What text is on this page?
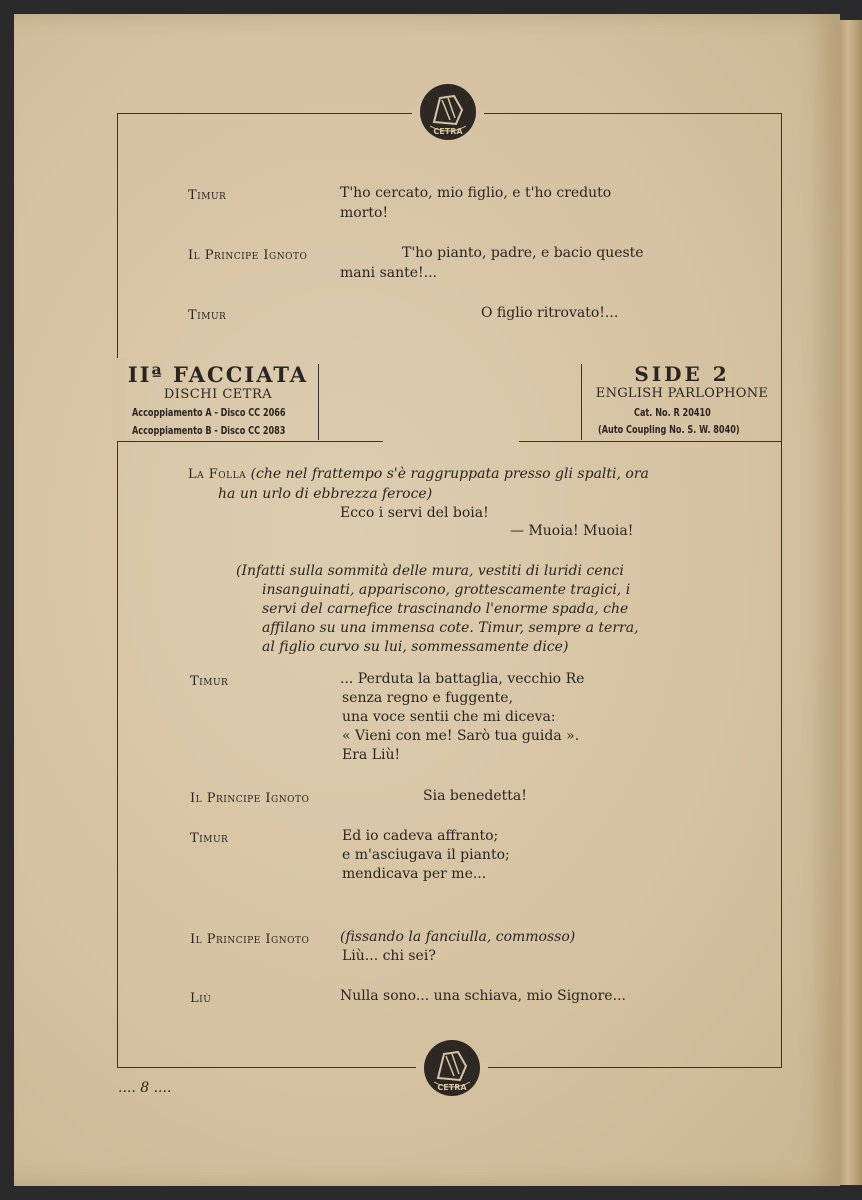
CETRA
Timur	T'ho cercato, mio figlio, e t'ho creduto
morto!
Il Principe Ignoto	T'ho pianto, padre, e bacio queste
mani sante!...
Timur	O figlio ritrovato!...
IIª FACCIATA
DISCHI CETRA
Accoppiamento A - Disco CC 2066
Accoppiamento B - Disco CC 2083
SIDE 2
ENGLISH PARLOPHONE
Cat. No. R 20410
(Auto Coupling No. S. W. 8040)
La Folla (che nel frattempo s'è raggruppata presso gli spalti, ora
ha un urlo di ebbrezza feroce)
Ecco i servi del boia!
— Muoia! Muoia!
(Infatti sulla sommità delle mura, vestiti di luridi cenci
insanguinati, appariscono, grottescamente tragici, i
servi del carnefice trascinando l'enorme spada, che
affilano su una immensa cote. Timur, sempre a terra,
al figlio curvo su lui, sommessamente dice)
Timur	... Perduta la battaglia, vecchio Re
senza regno e fuggente,
una voce sentii che mi diceva:
« Vieni con me! Sarò tua guida ».
Era Liù!
Il Principe Ignoto	Sia benedetta!
Timur	Ed io cadeva affranto;
e m'asciugava il pianto;
mendicava per me...
Il Principe Ignoto (fissando la fanciulla, commosso)
Liù... chi sei?
Liù	Nulla sono... una schiava, mio Signore...
CETRA
.... 8 ....
